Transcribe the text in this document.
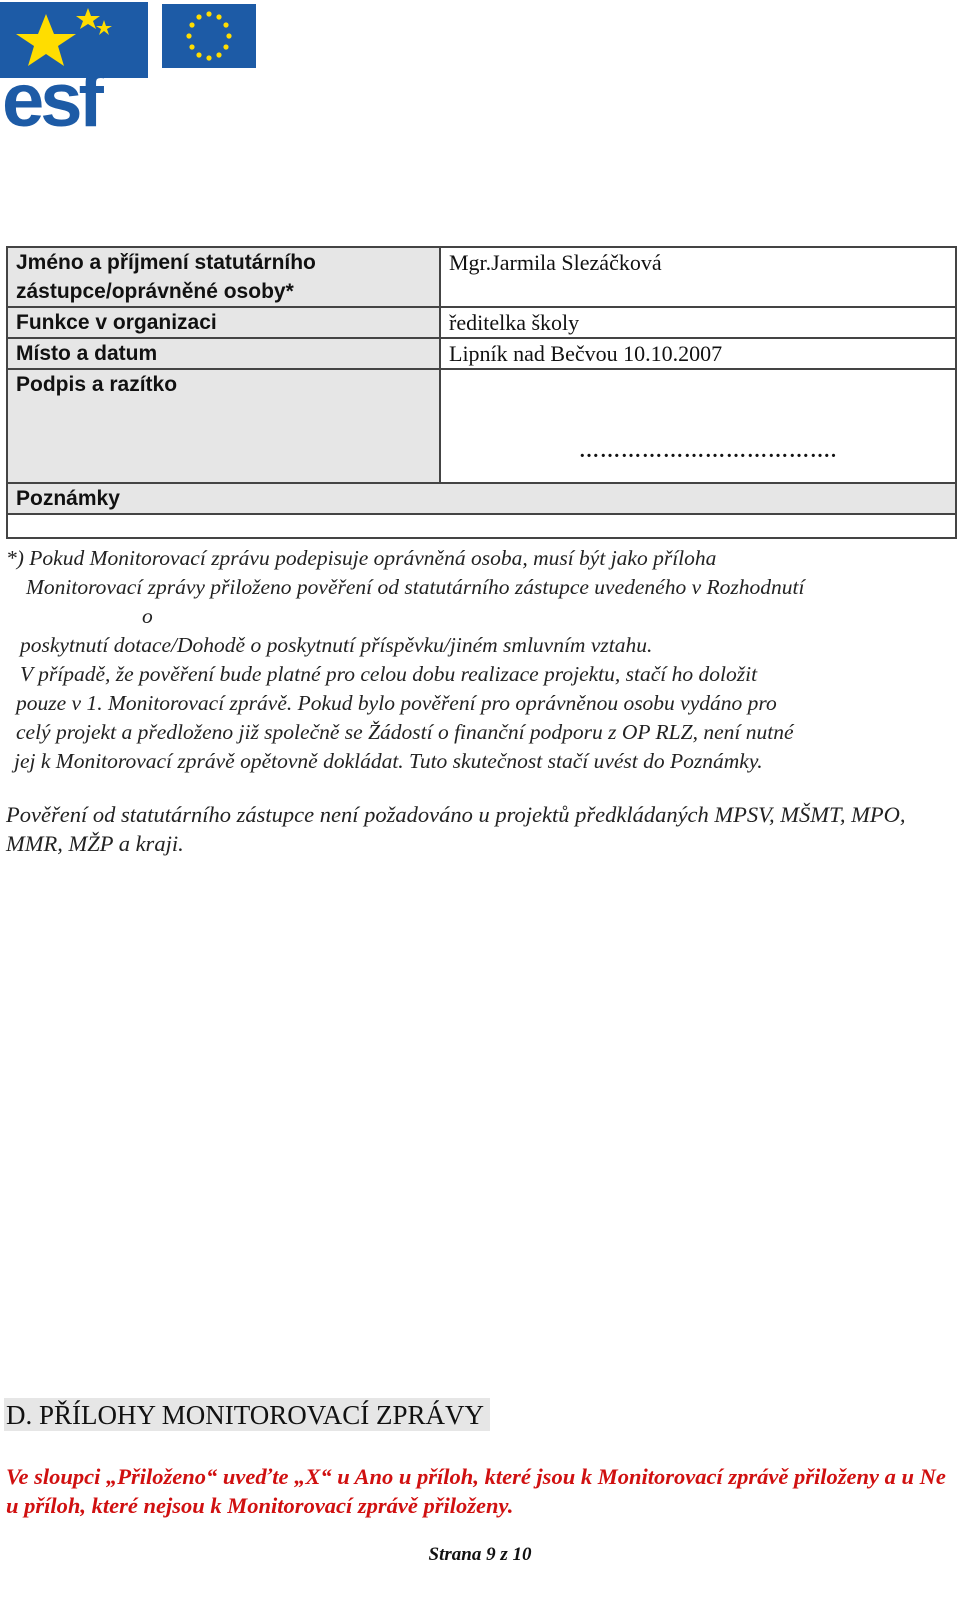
esf
Jméno a příjmení statutárního zástupce/oprávněné osoby*	Mgr.Jarmila Slezáčková
Funkce v organizaci	ředitelka školy
Místo a datum	Lipník nad Bečvou 10.10.2007
Podpis a razítko	……………………………….

Poznámky	

*) Pokud Monitorovací zprávu podepisuje oprávněná osoba, musí být jako příloha

Monitorovací zprávy přiloženo pověření od statutárního zástupce uvedeného v Rozhodnutí

o

poskytnutí dotace/Dohodě o poskytnutí příspěvku/jiném smluvním vztahu.

V případě, že pověření bude platné pro celou dobu realizace projektu, stačí ho doložit

pouze v 1. Monitorovací zprávě. Pokud bylo pověření pro oprávněnou osobu vydáno pro

celý projekt a předloženo již společně se Žádostí o finanční podporu z OP RLZ, není nutné

jej k Monitorovací zprávě opětovně dokládat. Tuto skutečnost stačí uvést do Poznámky.

Pověření od statutárního zástupce není požadováno u projektů předkládaných MPSV, MŠMT, MPO, MMR, MŽP a kraji.
D. PŘÍLOHY MONITOROVACÍ ZPRÁVY
Ve sloupci „Přiloženo“ uveďte „X“ u Ano u příloh, které jsou k Monitorovací zprávě přiloženy a u Ne u příloh, které nejsou k Monitorovací zprávě přiloženy.
Strana 9 z 10
